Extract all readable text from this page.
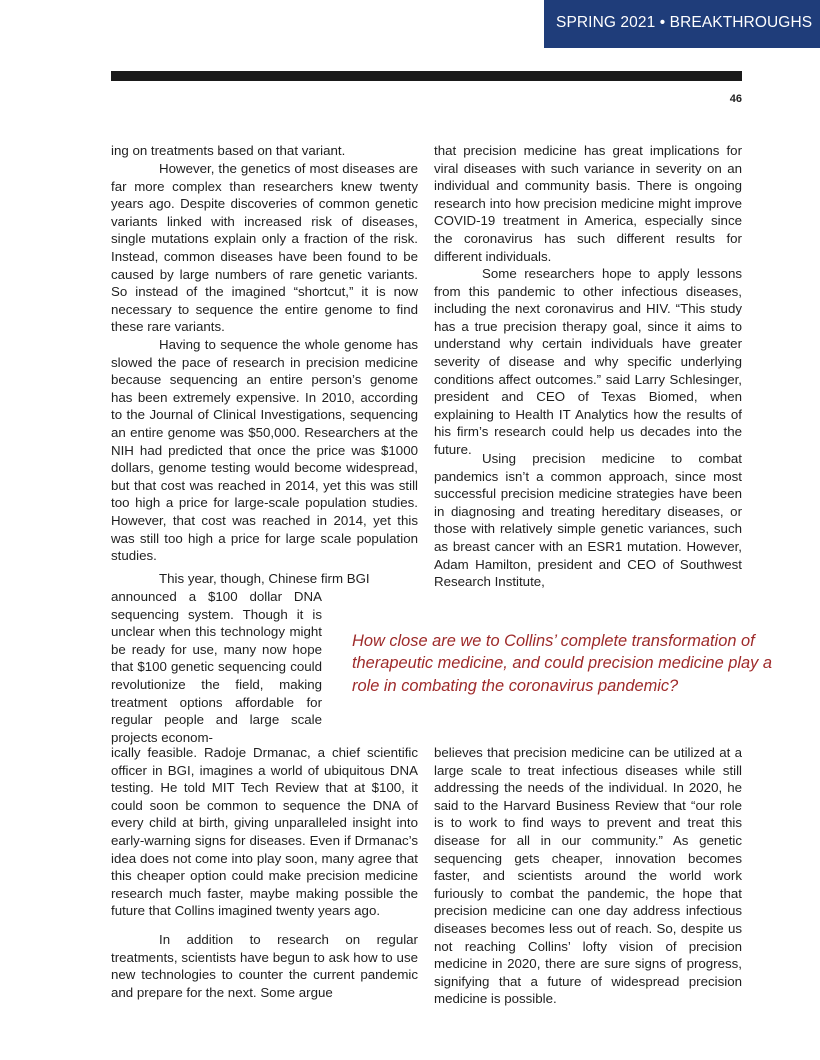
SPRING 2021 • BREAKTHROUGHS
46

ing on treatments based on that variant.

However, the genetics of most diseases are far more complex than researchers knew twenty years ago. Despite discoveries of common genetic variants linked with increased risk of diseases, single mutations explain only a fraction of the risk. Instead, common diseases have been found to be caused by large numbers of rare genetic variants. So instead of the imagined “shortcut,” it is now necessary to sequence the entire genome to find these rare variants.

Having to sequence the whole genome has slowed the pace of research in precision medicine because sequencing an entire person’s genome has been extremely expensive. In 2010, according to the Journal of Clinical Investigations, sequencing an entire genome was $50,000. Researchers at the NIH had predicted that once the price was $1000 dollars, genome testing would become widespread, but that cost was reached in 2014, yet this was still too high a price for large-scale population studies. However, that cost was reached in 2014, yet this was still too high a price for large scale population studies.

This year, though, Chinese firm BGI

announced a $100 dollar DNA sequencing system. Though it is unclear when this technology might be ready for use, many now hope that $100 genetic sequencing could revolutionize the field, making treatment options affordable for regular people and large scale projects econom-

ically feasible. Radoje Drmanac, a chief scientific officer in BGI, imagines a world of ubiquitous DNA testing. He told MIT Tech Review that at $100, it could soon be common to sequence the DNA of every child at birth, giving unparalleled insight into early-warning signs for diseases. Even if Drmanac’s idea does not come into play soon, many agree that this cheaper option could make precision medicine research much faster, maybe making possible the future that Collins imagined twenty years ago.

In addition to research on regular treatments, scientists have begun to ask how to use new technologies to counter the current pandemic and prepare for the next. Some argue

that precision medicine has great implications for viral diseases with such variance in severity on an individual and community basis. There is ongoing research into how precision medicine might improve COVID-19 treatment in America, especially since the coronavirus has such different results for different individuals.

Some researchers hope to apply lessons from this pandemic to other infectious diseases, including the next coronavirus and HIV. “This study has a true precision therapy goal, since it aims to understand why certain individuals have greater severity of disease and why specific underlying conditions affect outcomes.” said Larry Schlesinger, president and CEO of Texas Biomed, when explaining to Health IT Analytics how the results of his firm’s research could help us decades into the future.

Using precision medicine to combat pandemics isn’t a common approach, since most successful precision medicine strategies have been in diagnosing and treating hereditary diseases, or those with relatively simple genetic variances, such as breast cancer with an ESR1 mutation. However, Adam Hamilton, president and CEO of Southwest Research Institute,

believes that precision medicine can be utilized at a large scale to treat infectious diseases while still addressing the needs of the individual. In 2020, he said to the Harvard Business Review that “our role is to work to find ways to prevent and treat this disease for all in our community.” As genetic sequencing gets cheaper, innovation becomes faster, and scientists around the world work furiously to combat the pandemic, the hope that precision medicine can one day address infectious diseases becomes less out of reach. So, despite us not reaching Collins’ lofty vision of precision medicine in 2020, there are sure signs of progress, signifying that a future of widespread precision medicine is possible.

How close are we to Collins’ complete transformation of therapeutic medicine, and could precision medicine play a role in combating the coronavirus pandemic?
